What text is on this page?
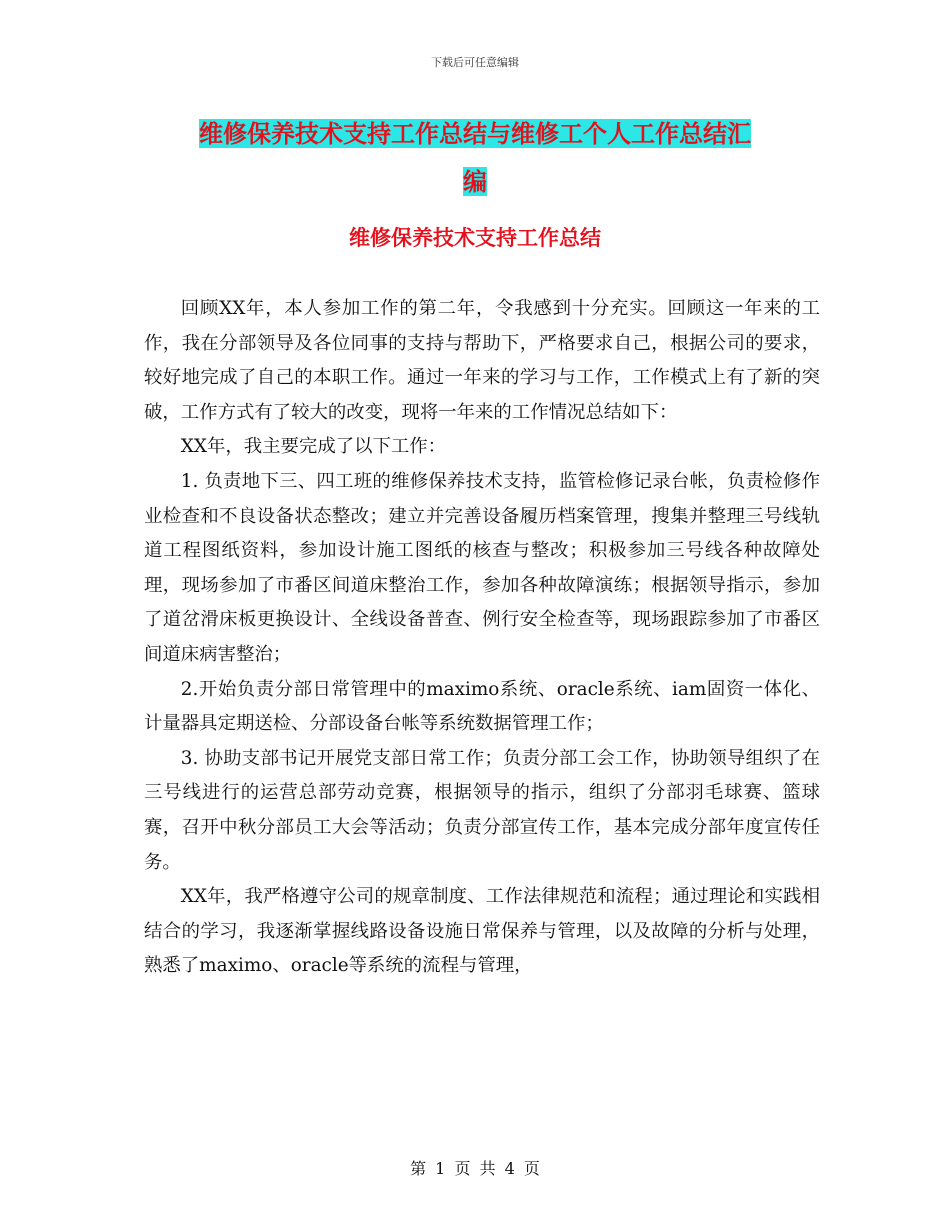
下载后可任意编辑
维修保养技术支持工作总结与维修工个人工作总结汇
编
维修保养技术支持工作总结

回顾XX年，本人参加工作的第二年，令我感到十分充实。回顾这一年来的工作，我在分部领导及各位同事的支持与帮助下，严格要求自己，根据公司的要求，较好地完成了自己的本职工作。通过一年来的学习与工作，工作模式上有了新的突破，工作方式有了较大的改变，现将一年来的工作情况总结如下：

XX年，我主要完成了以下工作：

1. 负责地下三、四工班的维修保养技术支持，监管检修记录台帐，负责检修作业检查和不良设备状态整改；建立并完善设备履历档案管理，搜集并整理三号线轨道工程图纸资料，参加设计施工图纸的核查与整改；积极参加三号线各种故障处理，现场参加了市番区间道床整治工作，参加各种故障演练；根据领导指示，参加了道岔滑床板更换设计、全线设备普查、例行安全检查等，现场跟踪参加了市番区间道床病害整治；

2.开始负责分部日常管理中的maximo系统、oracle系统、iam固资一体化、计量器具定期送检、分部设备台帐等系统数据管理工作；

3. 协助支部书记开展党支部日常工作；负责分部工会工作，协助领导组织了在三号线进行的运营总部劳动竞赛，根据领导的指示，组织了分部羽毛球赛、篮球赛，召开中秋分部员工大会等活动；负责分部宣传工作，基本完成分部年度宣传任务。

XX年，我严格遵守公司的规章制度、工作法律规范和流程；通过理论和实践相结合的学习，我逐渐掌握线路设备设施日常保养与管理，以及故障的分析与处理，熟悉了maximo、oracle等系统的流程与管理，

第 1 页 共 4 页
